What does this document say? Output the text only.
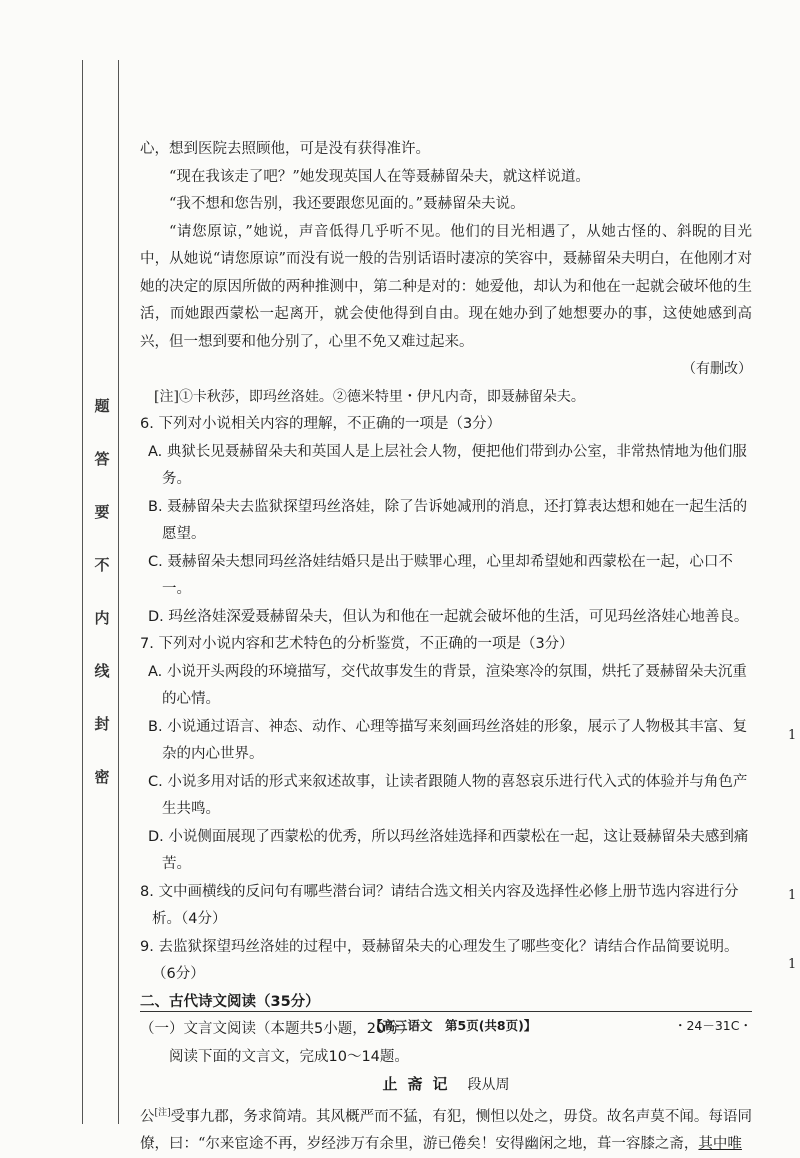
题
答
要
不
内
线
封
密

心，想到医院去照顾他，可是没有获得准许。

“现在我该走了吧？”她发现英国人在等聂赫留朵夫，就这样说道。

“我不想和您告别，我还要跟您见面的。”聂赫留朵夫说。

“请您原谅，”她说，声音低得几乎听不见。他们的目光相遇了，从她古怪的、斜睨的目光中，从她说“请您原谅”而没有说一般的告别话语时凄凉的笑容中，聂赫留朵夫明白，在他刚才对她的决定的原因所做的两种推测中，第二种是对的：她爱他，却认为和他在一起就会破坏他的生活，而她跟西蒙松一起离开，就会使他得到自由。现在她办到了她想要办的事，这使她感到高兴，但一想到要和他分别了，心里不免又难过起来。

（有删改）

[注]①卡秋莎，即玛丝洛娃。②德米特里・伊凡内奇，即聂赫留朵夫。

6. 下列对小说相关内容的理解，不正确的一项是（3分）

A. 典狱长见聂赫留朵夫和英国人是上层社会人物，便把他们带到办公室，非常热情地为他们服务。

B. 聂赫留朵夫去监狱探望玛丝洛娃，除了告诉她减刑的消息，还打算表达想和她在一起生活的愿望。

C. 聂赫留朵夫想同玛丝洛娃结婚只是出于赎罪心理，心里却希望她和西蒙松在一起，心口不一。

D. 玛丝洛娃深爱聂赫留朵夫，但认为和他在一起就会破坏他的生活，可见玛丝洛娃心地善良。

7. 下列对小说内容和艺术特色的分析鉴赏，不正确的一项是（3分）

A. 小说开头两段的环境描写，交代故事发生的背景，渲染寒冷的氛围，烘托了聂赫留朵夫沉重的心情。

B. 小说通过语言、神态、动作、心理等描写来刻画玛丝洛娃的形象，展示了人物极其丰富、复杂的内心世界。

C. 小说多用对话的形式来叙述故事，让读者跟随人物的喜怒哀乐进行代入式的体验并与角色产生共鸣。

D. 小说侧面展现了西蒙松的优秀，所以玛丝洛娃选择和西蒙松在一起，这让聂赫留朵夫感到痛苦。

8. 文中画横线的反问句有哪些潜台词？请结合选文相关内容及选择性必修上册节选内容进行分析。（4分）

9. 去监狱探望玛丝洛娃的过程中，聂赫留朵夫的心理发生了哪些变化？请结合作品简要说明。（6分）

二、古代诗文阅读（35分）

（一）文言文阅读（本题共5小题，20分）

阅读下面的文言文，完成10～14题。

止斋记 段从周

公[注]受事九郡，务求简靖。其风概严而不猛，有犯，恻怛以处之，毋贷。故名声莫不闻。每语同僚，曰：“尔来宦途不再，岁经涉万有余里，游已倦矣！安得幽闲之地，葺一容膝之斋，其中唯

【高三语文　第5页(共8页)】	・24－31C・
1
1
1
